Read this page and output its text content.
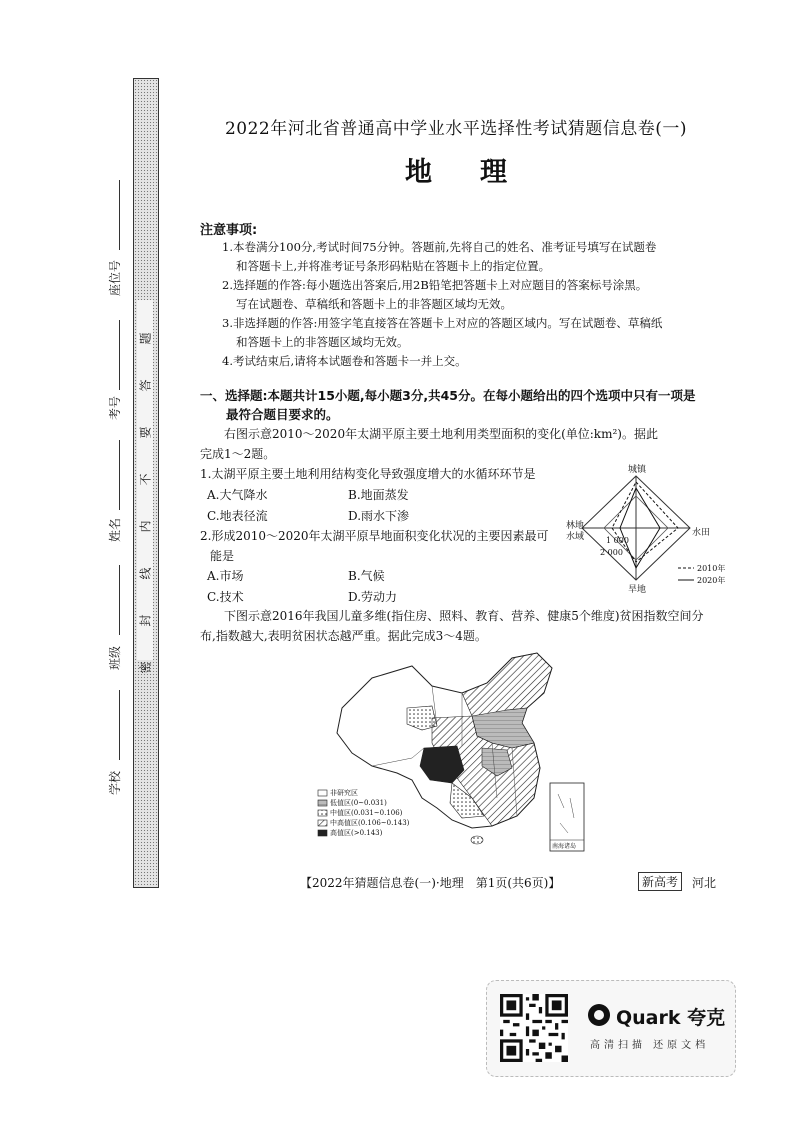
题
答
要
不
内
线
封
密
座位号
考号
姓名
班级
学校
2022年河北省普通高中学业水平选择性考试猜题信息卷(一)
地理
注意事项:
1.本卷满分100分,考试时间75分钟。答题前,先将自己的姓名、准考证号填写在试题卷
和答题卡上,并将准考证号条形码粘贴在答题卡上的指定位置。
2.选择题的作答:每小题选出答案后,用2B铅笔把答题卡上对应题目的答案标号涂黑。
写在试题卷、草稿纸和答题卡上的非答题区域均无效。
3.非选择题的作答:用签字笔直接答在答题卡上对应的答题区域内。写在试题卷、草稿纸
和答题卡上的非答题区域均无效。
4.考试结束后,请将本试题卷和答题卡一并上交。
一、选择题:本题共计15小题,每小题3分,共45分。在每小题给出的四个选项中只有一项是
最符合题目要求的。
右图示意2010～2020年太湖平原主要土地利用类型面积的变化(单位:km²)。据此
完成1～2题。
1.太湖平原主要土地利用结构变化导致强度增大的水循环环节是
A.大气降水	B.地面蒸发
C.地表径流	D.雨水下渗
2.形成2010～2020年太湖平原旱地面积变化状况的主要因素最可
能是
A.市场	B.气候
C.技术	D.劳动力
城镇
水田
旱地
林地
水域	1 000
2 000
2010年
2020年
下图示意2016年我国儿童多维(指住房、照料、教育、营养、健康5个维度)贫困指数空间分
布,指数越大,表明贫困状态越严重。据此完成3～4题。
非研究区
低值区(0~0.031)
中值区(0.031~0.106)
中高值区(0.106~0.143)
高值区(>0.143)
南海诸岛
【2022年猜题信息卷(一)·地理　第1页(共6页)】	新高考	河北
Quark 夸克
高清扫描 还原文档
